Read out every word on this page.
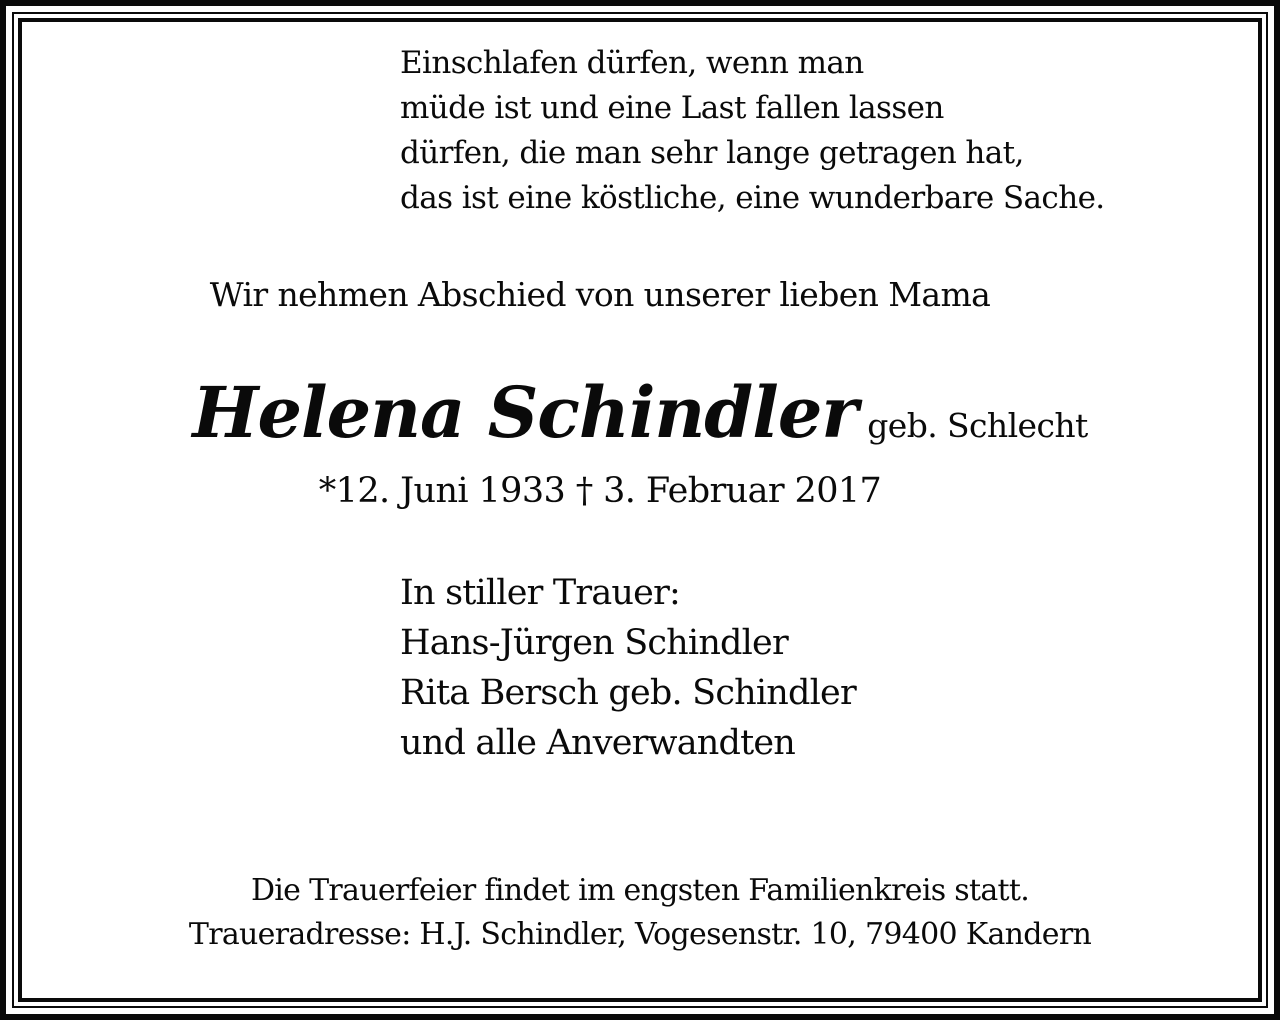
Einschlafen dürfen, wenn man
müde ist und eine Last fallen lassen
dürfen, die man sehr lange getragen hat,
das ist eine köstliche, eine wunderbare Sache.
Wir nehmen Abschied von unserer lieben Mama
Helena Schindler geb. Schlecht
*12. Juni 1933 † 3. Februar 2017
In stiller Trauer:
Hans-Jürgen Schindler
Rita Bersch geb. Schindler
und alle Anverwandten
Die Trauerfeier findet im engsten Familienkreis statt.
Traueradresse: H.J. Schindler, Vogesenstr. 10, 79400 Kandern
